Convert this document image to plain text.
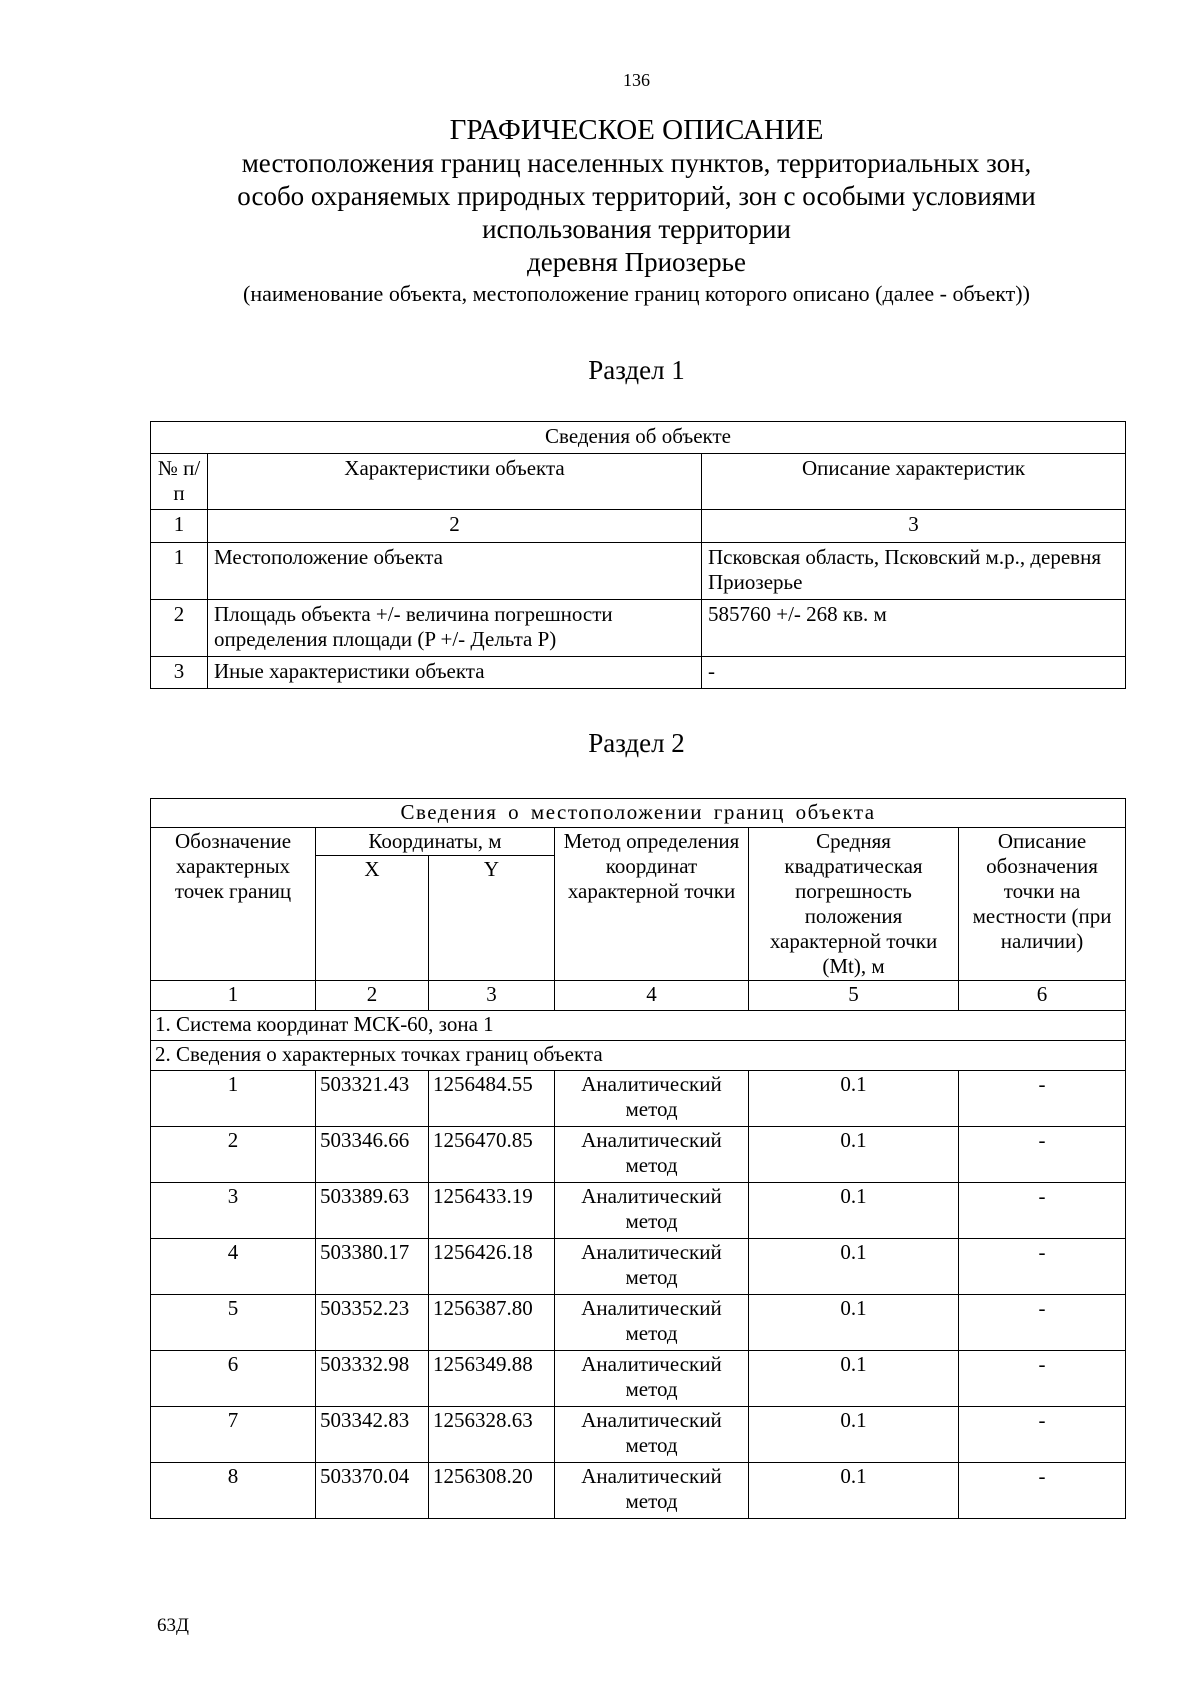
136
ГРАФИЧЕСКОЕ ОПИСАНИЕ
местоположения границ населенных пунктов, территориальных зон,
особо охраняемых природных территорий, зон с особыми условиями
использования территории
деревня Приозерье
(наименование объекта, местоположение границ которого описано (далее - объект))
Раздел 1
Сведения об объекте		
№ п/п	Характеристики объекта	Описание характеристик
1	2	3
1	Местоположение объекта	Псковская область, Псковский м.р., деревня Приозерье
2	Площадь объекта +/- величина погрешности определения площади (P +/- Дельта P)	585760 +/- 268 кв. м
3	Иные характеристики объекта	-
Раздел 2
Сведения о местоположении границ объекта					
Обозначение характерных точек границ	Координаты, м		Метод определения координат характерной точки	Средняя квадратическая погрешность положения характерной точки (Mt), м	Описание обозначения точки на местности (при наличии)
	X	Y			
1	2	3	4	5	6
1. Система координат МСК-60, зона 1					
2. Сведения о характерных точках границ объекта					
1	503321.43	1256484.55	Аналитический метод	0.1	-
2	503346.66	1256470.85	Аналитический метод	0.1	-
3	503389.63	1256433.19	Аналитический метод	0.1	-
4	503380.17	1256426.18	Аналитический метод	0.1	-
5	503352.23	1256387.80	Аналитический метод	0.1	-
6	503332.98	1256349.88	Аналитический метод	0.1	-
7	503342.83	1256328.63	Аналитический метод	0.1	-
8	503370.04	1256308.20	Аналитический метод	0.1	-
63Д
